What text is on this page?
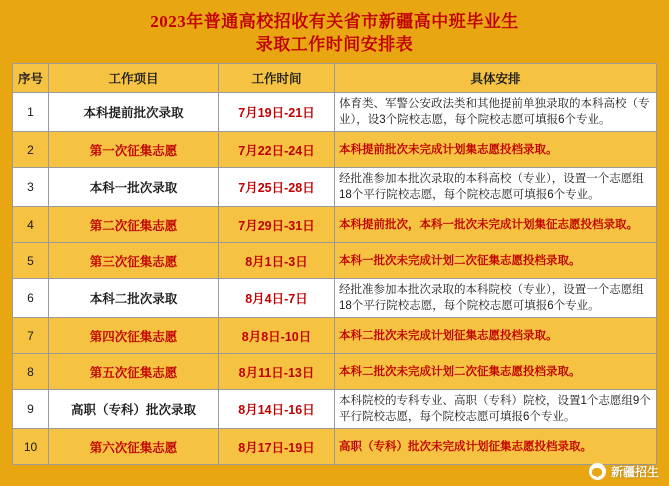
2023年普通高校招收有关省市新疆高中班毕业生
录取工作时间安排表
序号	工作项目	工作时间	具体安排
1	本科提前批次录取	7月19日-21日	体育类、军警公安政法类和其他提前单独录取的本科高校（专业），设3个院校志愿，每个院校志愿可填报6个专业。
2	第一次征集志愿	7月22日-24日	本科提前批次未完成计划集志愿投档录取。
3	本科一批次录取	7月25日-28日	经批准参加本批次录取的本科高校（专业），设置一个志愿组18个平行院校志愿，每个院校志愿可填报6个专业。
4	第二次征集志愿	7月29日-31日	本科提前批次，本科一批次未完成计划集征志愿投档录取。
5	第三次征集志愿	8月1日-3日	本科一批次未完成计划二次征集志愿投档录取。
6	本科二批次录取	8月4日-7日	经批准参加本批次录取的本科院校（专业），设置一个志愿组18个平行院校志愿，每个院校志愿可填报6个专业。
7	第四次征集志愿	8月8日-10日	本科二批次未完成计划征集志愿投档录取。
8	第五次征集志愿	8月11日-13日	本科二批次未完成计划二次征集志愿投档录取。
9	高职（专科）批次录取	8月14日-16日	本科院校的专科专业、高职（专科）院校，设置1个志愿组9个平行院校志愿，每个院校志愿可填报6个专业。
10	第六次征集志愿	8月17日-19日	高职（专科）批次未完成计划征集志愿投档录取。
新疆招生
